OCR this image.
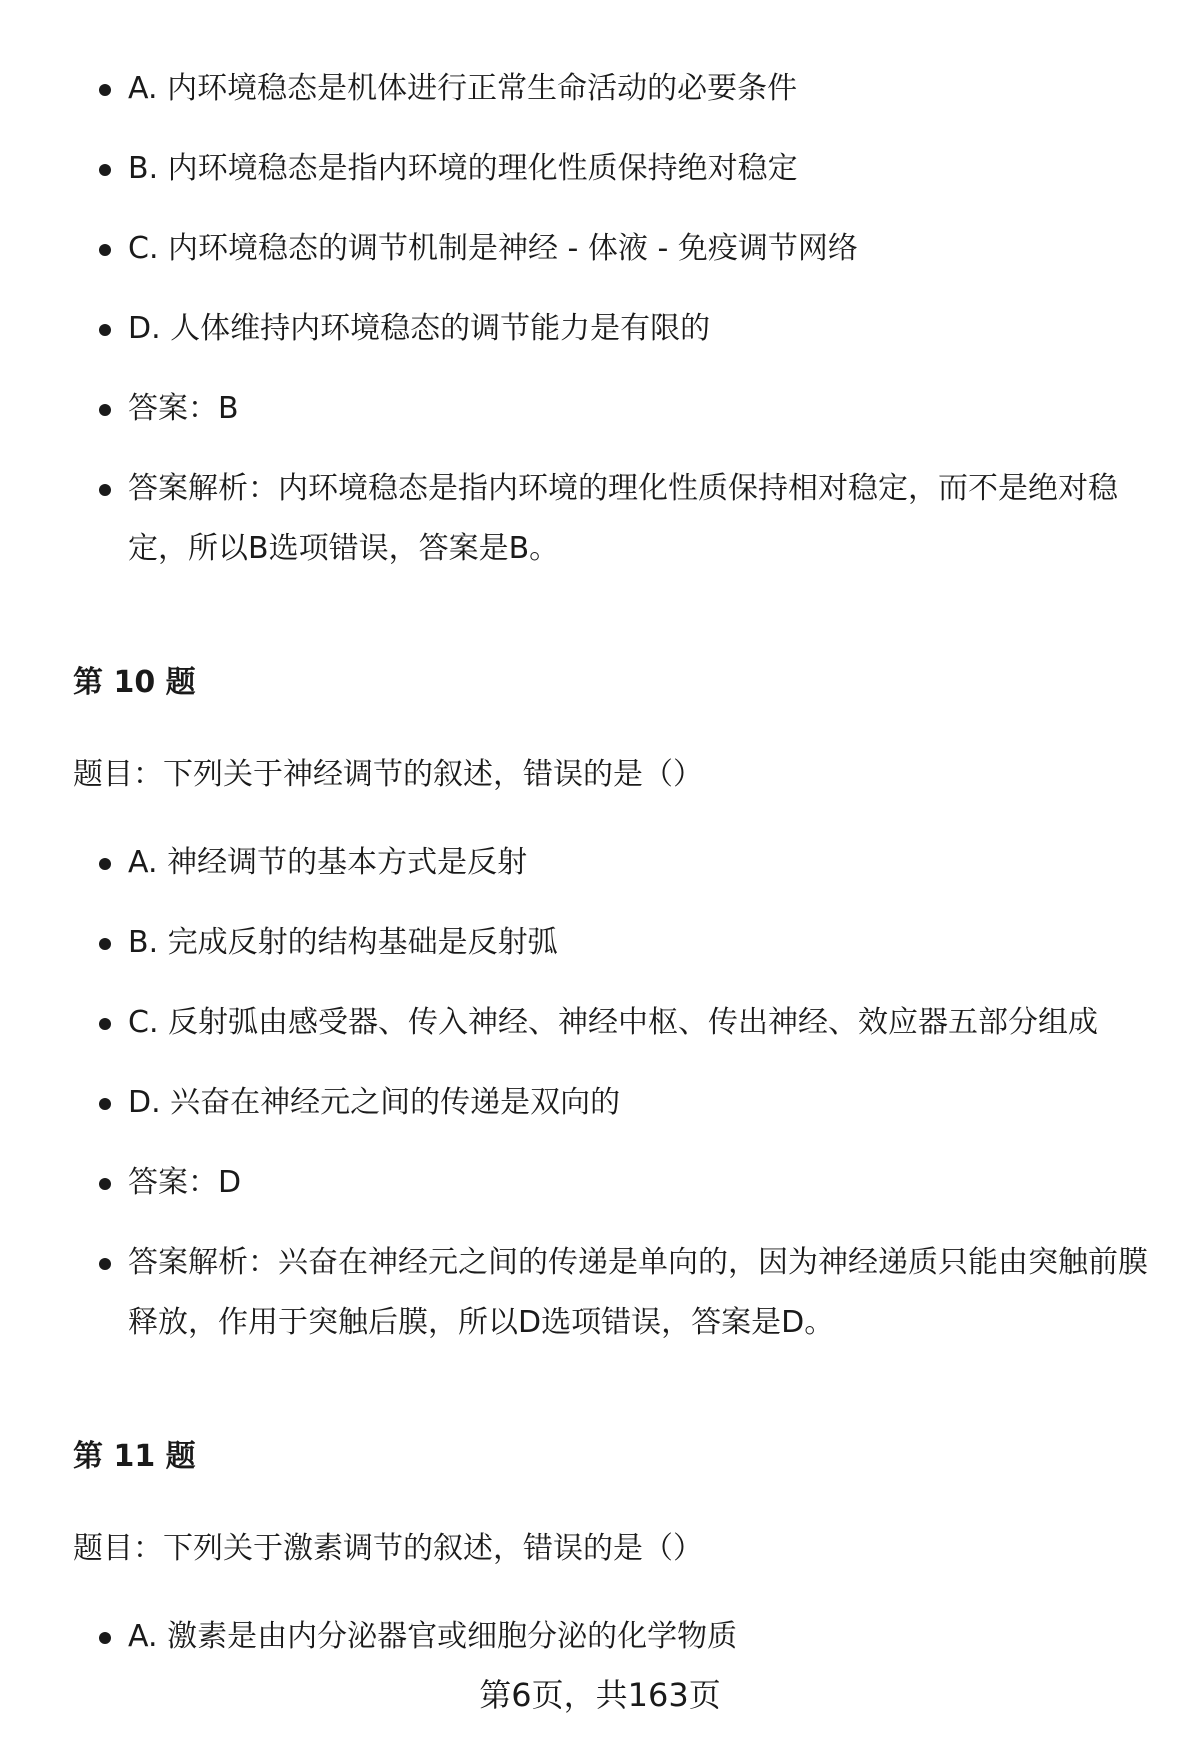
A. 内环境稳态是机体进行正常生命活动的必要条件
B. 内环境稳态是指内环境的理化性质保持绝对稳定
C. 内环境稳态的调节机制是神经 - 体液 - 免疫调节网络
D. 人体维持内环境稳态的调节能力是有限的
答案：B
答案解析：内环境稳态是指内环境的理化性质保持相对稳定，而不是绝对稳定，所以B选项错误，答案是B。
第 10 题

题目：下列关于神经调节的叙述，错误的是（）

A. 神经调节的基本方式是反射
B. 完成反射的结构基础是反射弧
C. 反射弧由感受器、传入神经、神经中枢、传出神经、效应器五部分组成
D. 兴奋在神经元之间的传递是双向的
答案：D
答案解析：兴奋在神经元之间的传递是单向的，因为神经递质只能由突触前膜释放，作用于突触后膜，所以D选项错误，答案是D。
第 11 题

题目：下列关于激素调节的叙述，错误的是（）

A. 激素是由内分泌器官或细胞分泌的化学物质
第6页，共163页
